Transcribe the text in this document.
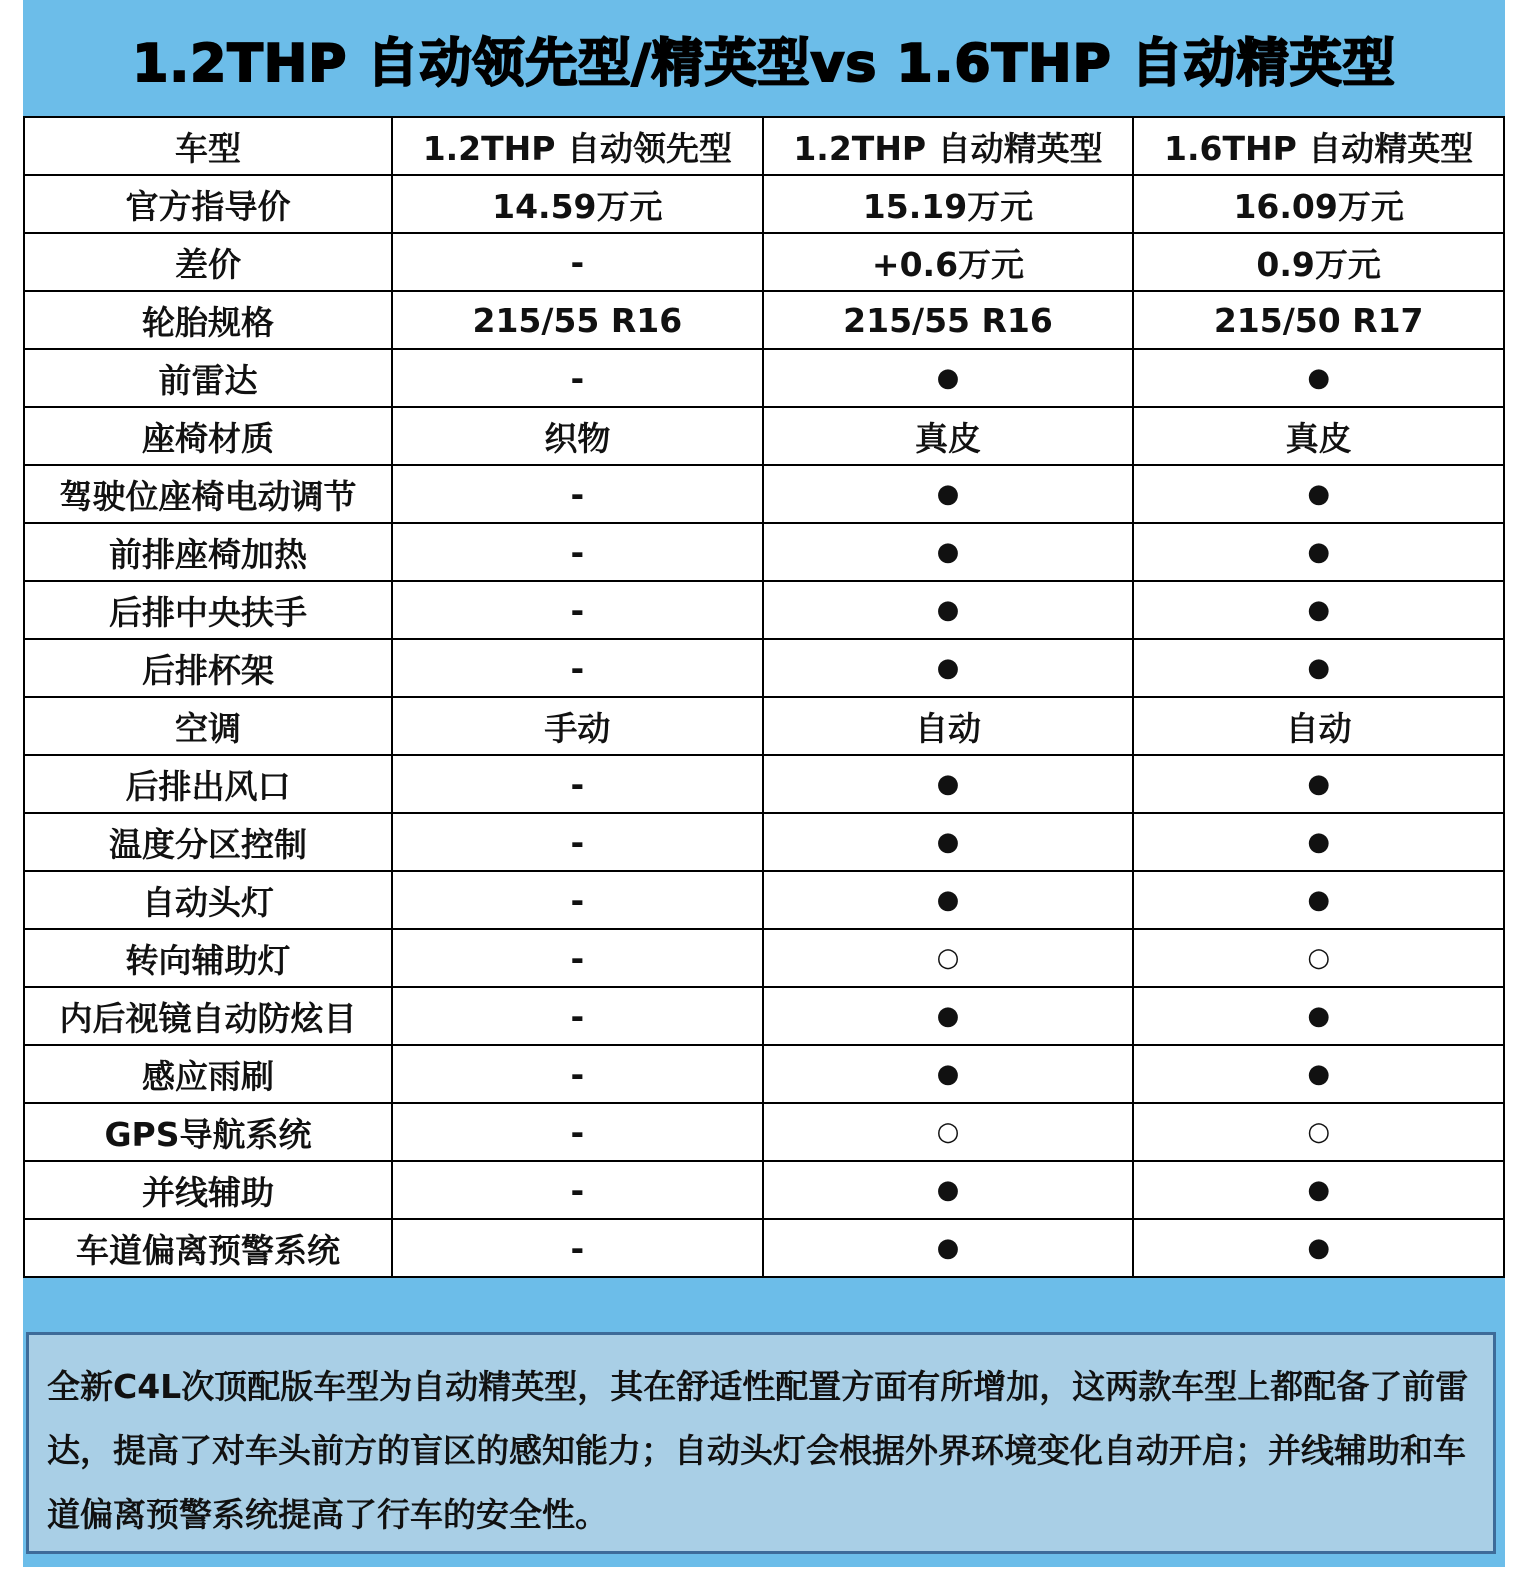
1.2THP 自动领先型/精英型vs 1.6THP 自动精英型
车型	1.2THP 自动领先型	1.2THP 自动精英型	1.6THP 自动精英型
官方指导价	14.59万元	15.19万元	16.09万元
差价	-	+0.6万元	0.9万元
轮胎规格	215/55 R16	215/55 R16	215/50 R17
前雷达	-	●	●
座椅材质	织物	真皮	真皮
驾驶位座椅电动调节	-	●	●
前排座椅加热	-	●	●
后排中央扶手	-	●	●
后排杯架	-	●	●
空调	手动	自动	自动
后排出风口	-	●	●
温度分区控制	-	●	●
自动头灯	-	●	●
转向辅助灯	-	○	○
内后视镜自动防炫目	-	●	●
感应雨刷	-	●	●
GPS导航系统	-	○	○
并线辅助	-	●	●
车道偏离预警系统	-	●	●
全新C4L次顶配版车型为自动精英型，其在舒适性配置方面有所增加，这两款车型上都配备了前雷达，提高了对车头前方的盲区的感知能力；自动头灯会根据外界环境变化自动开启；并线辅助和车道偏离预警系统提高了行车的安全性。
